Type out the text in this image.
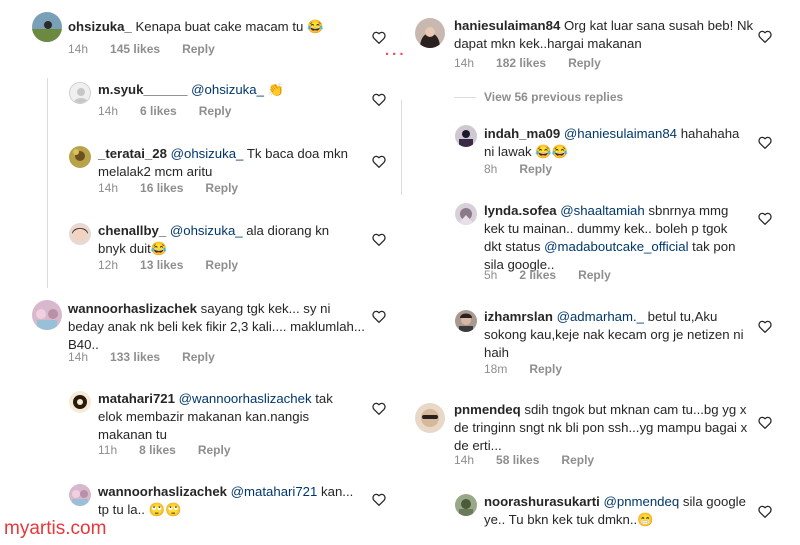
ohsizuka_ Kenapa buat cake macam tu 😂
14h 145 likes Reply
m.syuk______ @ohsizuka_ 👏
14h 6 likes Reply
_teratai_28 @ohsizuka_ Tk baca doa mkn melalak2 mcm aritu
14h 16 likes Reply
chenallby_ @ohsizuka_ ala diorang kn bnyk duit😂
12h 13 likes Reply
wannoorhaslizachek sayang tgk kek... sy ni beday anak nk beli kek fikir 2,3 kali.... maklumlah... B40..
14h 133 likes Reply
matahari721 @wannoorhaslizachek tak elok membazir makanan kan.nangis makanan tu
11h 8 likes Reply
wannoorhaslizachek @matahari721 kan... tp tu la.. 🙄🙄
...
haniesulaiman84 Org kat luar sana susah beb! Nk dapat mkn kek..hargai makanan
14h 182 likes Reply
View 56 previous replies
indah_ma09 @haniesulaiman84 hahahaha ni lawak 😂😂
8h Reply
lynda.sofea @shaaltamiah sbnrnya mmg kek tu mainan.. dummy kek.. boleh p tgok dkt status @madaboutcake_official tak pon sila google..
5h 2 likes Reply
izhamrslan @admarham._ betul tu,Aku sokong kau,keje nak kecam org je netizen ni haih
18m Reply
pnmendeq sdih tngok but mknan cam tu...bg yg x de tringinn sngt nk bli pon ssh...yg mampu bagai x de erti...
14h 58 likes Reply
noorashurasukarti @pnmendeq sila google ye.. Tu bkn kek tuk dmkn..😁
myartis.com
